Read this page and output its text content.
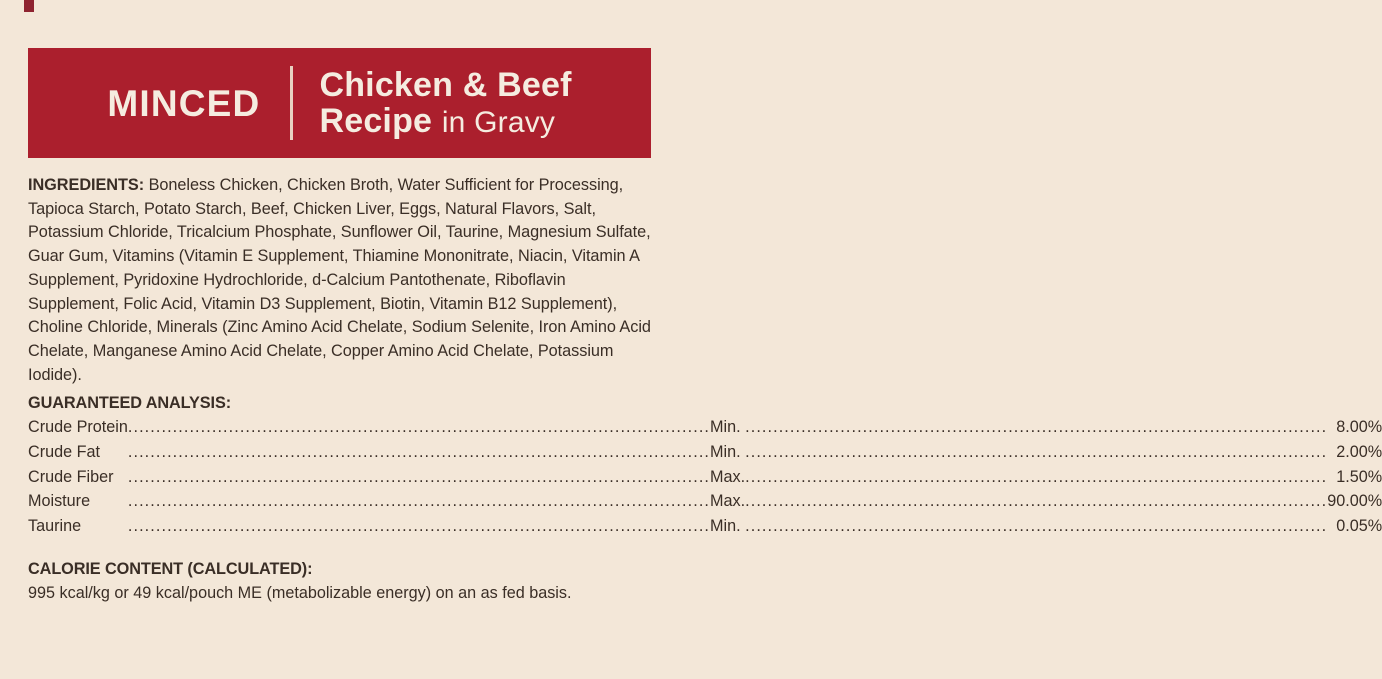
MINCED Chicken & Beef
Recipe in Gravy
INGREDIENTS: Boneless Chicken, Chicken Broth, Water Sufficient for Processing, Tapioca Starch, Potato Starch, Beef, Chicken Liver, Eggs, Natural Flavors, Salt, Potassium Chloride, Tricalcium Phosphate, Sunflower Oil, Taurine, Magnesium Sulfate, Guar Gum, Vitamins (Vitamin E Supplement, Thiamine Mononitrate, Niacin, Vitamin A Supplement, Pyridoxine Hydrochloride, d-Calcium Pantothenate, Riboflavin Supplement, Folic Acid, Vitamin D3 Supplement, Biotin, Vitamin B12 Supplement), Choline Chloride, Minerals (Zinc Amino Acid Chelate, Sodium Selenite, Iron Amino Acid Chelate, Manganese Amino Acid Chelate, Copper Amino Acid Chelate, Potassium Iodide).
GUARANTEED ANALYSIS:
Crude Protein	........................................................................................................	Min.	........................................................................................................	8.00%
Crude Fat	........................................................................................................	Min.	........................................................................................................	2.00%
Crude Fiber	........................................................................................................	Max.	........................................................................................................	1.50%
Moisture	........................................................................................................	Max.	........................................................................................................	90.00%
Taurine	........................................................................................................	Min.	........................................................................................................	0.05%
CALORIE CONTENT (CALCULATED):
995 kcal/kg or 49 kcal/pouch ME (metabolizable energy) on an as fed basis.
